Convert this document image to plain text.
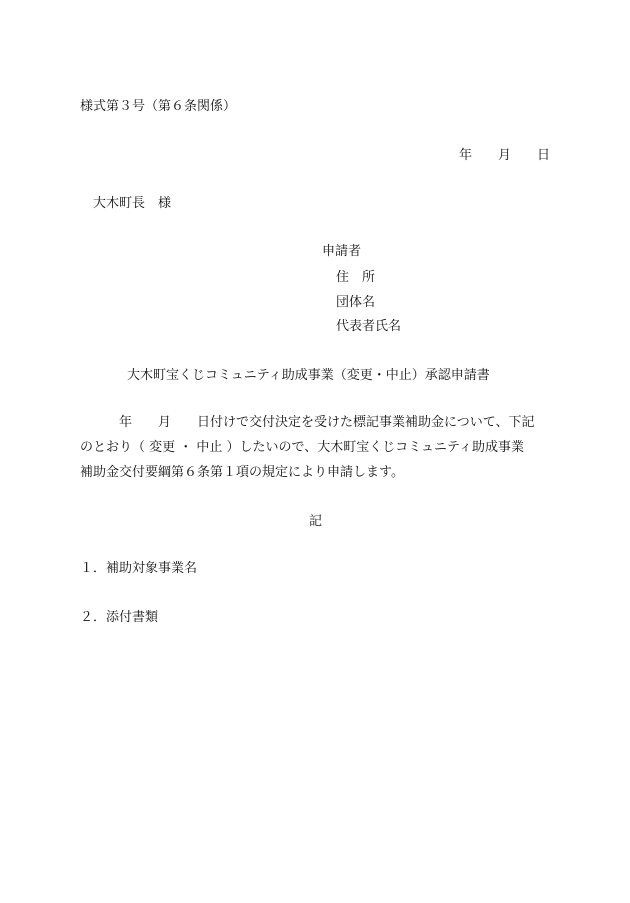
様式第３号（第６条関係）
年 月 日
大木町長　様
申請者
住　所
団体名
代表者氏名
大木町宝くじコミュニティ助成事業（変更・中止）承認申請書
年　　月　　日付けで交付決定を受けた標記事業補助金について、下記
のとおり（ 変更 ・ 中止 ）したいので、大木町宝くじコミュニティ助成事業
補助金交付要綱第６条第１項の規定により申請します。
記
１．補助対象事業名
２．添付書類
